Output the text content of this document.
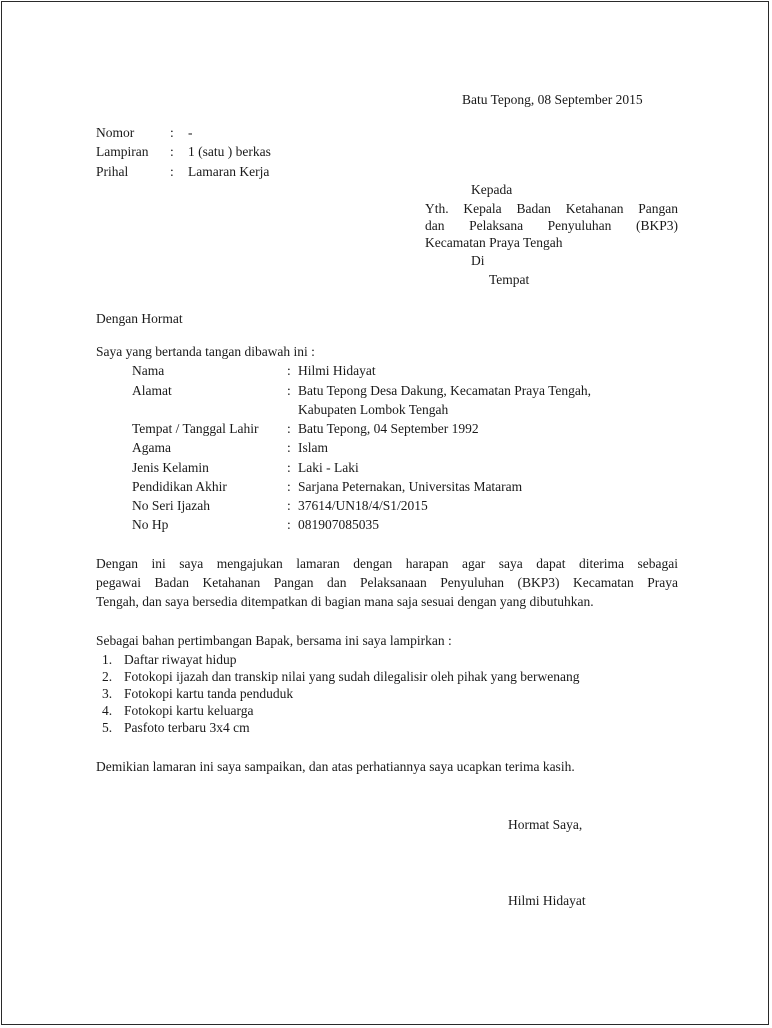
Batu Tepong, 08 September 2015
Nomor	: -
Lampiran : 1 (satu ) berkas
Prihal	: Lamaran Kerja
Kepada
Yth. Kepala Badan Ketahanan Pangan
dan Pelaksana Penyuluhan (BKP3)
Kecamatan Praya Tengah
Di
Tempat
Dengan Hormat
Saya yang bertanda tangan dibawah ini :
Nama	: Hilmi Hidayat
Alamat	: Batu Tepong Desa Dakung, Kecamatan Praya Tengah,
Kabupaten Lombok Tengah
Tempat / Tanggal Lahir : Batu Tepong, 04 September 1992
Agama	: Islam
Jenis Kelamin	: Laki - Laki
Pendidikan Akhir	: Sarjana Peternakan, Universitas Mataram
No Seri Ijazah	: 37614/UN18/4/S1/2015
No Hp	: 081907085035
Dengan ini saya mengajukan lamaran dengan harapan agar saya dapat diterima sebagai
pegawai Badan Ketahanan Pangan dan Pelaksanaan Penyuluhan (BKP3) Kecamatan Praya
Tengah, dan saya bersedia ditempatkan di bagian mana saja sesuai dengan yang dibutuhkan.
Sebagai bahan pertimbangan Bapak, bersama ini saya lampirkan :
1. Daftar riwayat hidup
2. Fotokopi ijazah dan transkip nilai yang sudah dilegalisir oleh pihak yang berwenang
3. Fotokopi kartu tanda penduduk
4. Fotokopi kartu keluarga
5. Pasfoto terbaru 3x4 cm
Demikian lamaran ini saya sampaikan, dan atas perhatiannya saya ucapkan terima kasih.
Hormat Saya,
Hilmi Hidayat
